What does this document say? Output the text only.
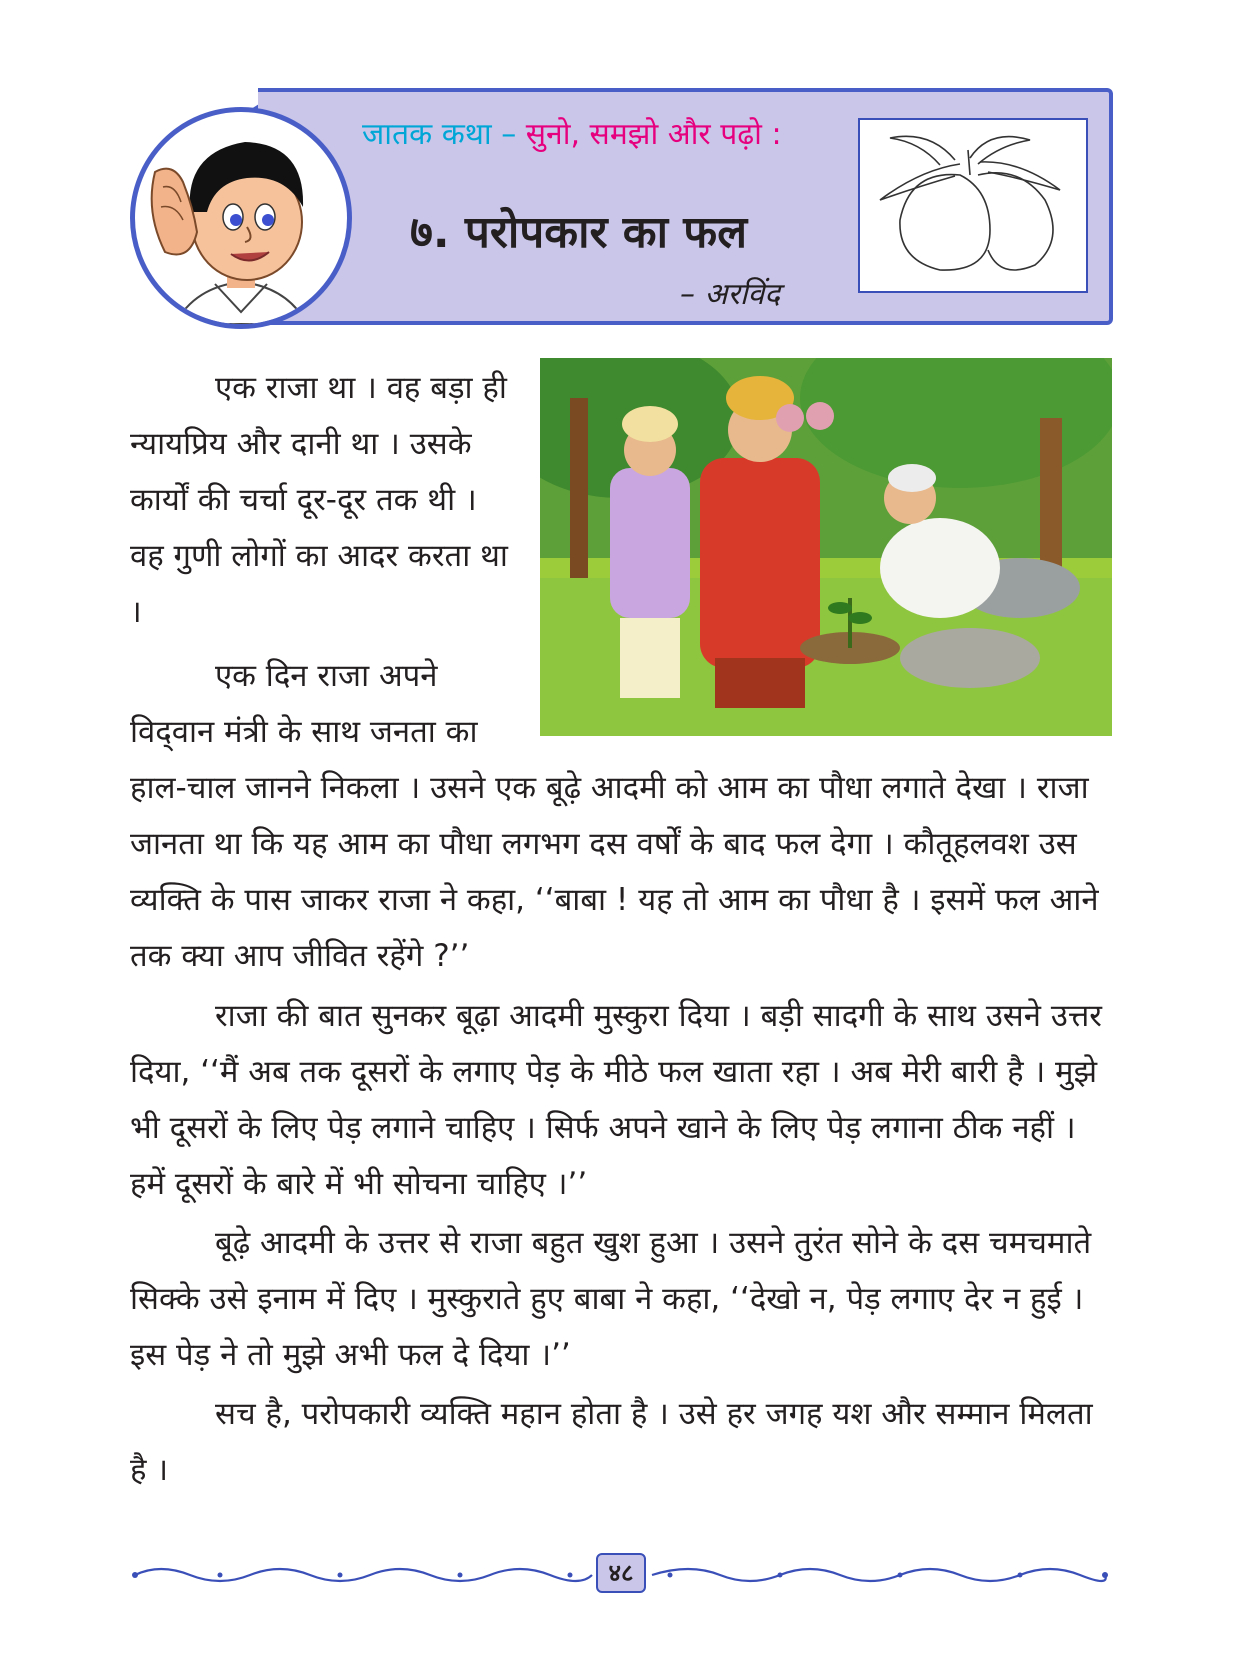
जातक कथा – सुनो, समझो और पढ़ो :
७. परोपकार का फल
– अरविंद

एक राजा था । वह बड़ा ही न्यायप्रिय और दानी था । उसके कार्यों की चर्चा दूर-दूर तक थी । वह गुणी लोगों का आदर करता था ।

एक दिन राजा अपने विद्‌वान मंत्री के साथ जनता का

हाल-चाल जानने निकला । उसने एक बूढ़े आदमी को आम का पौधा लगाते देखा । राजा जानता था कि यह आम का पौधा लगभग दस वर्षों के बाद फल देगा । कौतूहलवश उस व्यक्ति के पास जाकर राजा ने कहा, ‘‘बाबा ! यह तो आम का पौधा है । इसमें फल आने तक क्या आप जीवित रहेंगे ?’’

राजा की बात सुनकर बूढ़ा आदमी मुस्कुरा दिया । बड़ी सादगी के साथ उसने उत्तर दिया, ‘‘मैं अब तक दूसरों के लगाए पेड़ के मीठे फल खाता रहा । अब मेरी बारी है । मुझे भी दूसरों के लिए पेड़ लगाने चाहिए । सिर्फ अपने खाने के लिए पेड़ लगाना ठीक नहीं । हमें दूसरों के बारे में भी सोचना चाहिए ।’’

बूढ़े आदमी के उत्तर से राजा बहुत खुश हुआ । उसने तुरंत सोने के दस चमचमाते सिक्के उसे इनाम में दिए । मुस्कुराते हुए बाबा ने कहा, ‘‘देखो न, पेड़ लगाए देर न हुई । इस पेड़ ने तो मुझे अभी फल दे दिया ।’’

सच है, परोपकारी व्यक्ति महान होता है । उसे हर जगह यश और सम्मान मिलता है ।

४८
